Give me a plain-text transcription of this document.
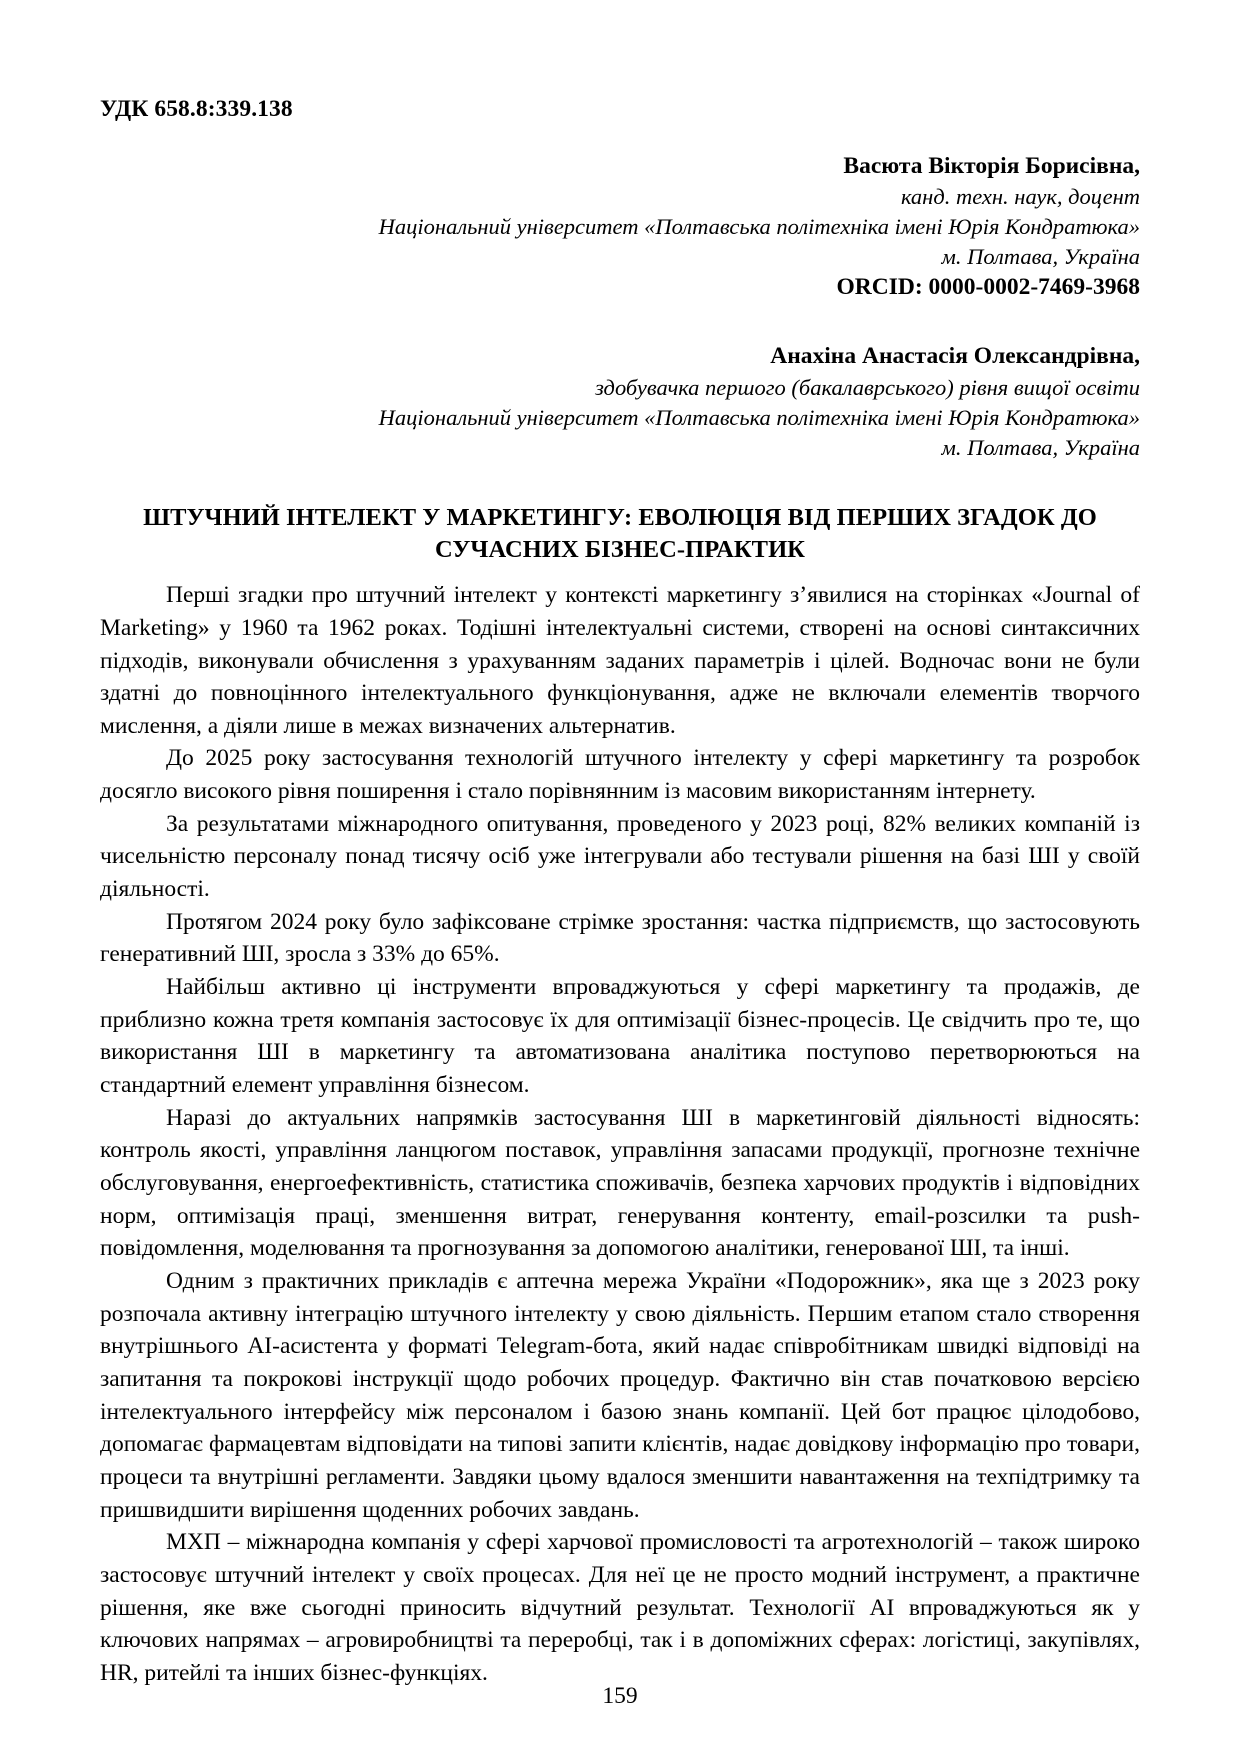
УДК 658.8:339.138
Васюта Вікторія Борисівна,
канд. техн. наук, доцент
Національний університет «Полтавська політехніка імені Юрія Кондратюка»
м. Полтава, Україна
ORCID: 0000-0002-7469-3968
Анахіна Анастасія Олександрівна,
здобувачка першого (бакалаврського) рівня вищої освіти
Національний університет «Полтавська політехніка імені Юрія Кондратюка»
м. Полтава, Україна
ШТУЧНИЙ ІНТЕЛЕКТ У МАРКЕТИНГУ: ЕВОЛЮЦІЯ ВІД ПЕРШИХ ЗГАДОК ДО
СУЧАСНИХ БІЗНЕС-ПРАКТИК

Перші згадки про штучний інтелект у контексті маркетингу з’явилися на сторінках «Journal of Marketing» у 1960 та 1962 роках. Тодішні інтелектуальні системи, створені на основі синтаксичних підходів, виконували обчислення з урахуванням заданих параметрів і цілей. Водночас вони не були здатні до повноцінного інтелектуального функціонування, адже не включали елементів творчого мислення, а діяли лише в межах визначених альтернатив.

До 2025 року застосування технологій штучного інтелекту у сфері маркетингу та розробок досягло високого рівня поширення і стало порівнянним із масовим використанням інтернету.

За результатами міжнародного опитування, проведеного у 2023 році, 82% великих компаній із чисельністю персоналу понад тисячу осіб уже інтегрували або тестували рішення на базі ШІ у своїй діяльності.

Протягом 2024 року було зафіксоване стрімке зростання: частка підприємств, що застосовують генеративний ШІ, зросла з 33% до 65%.

Найбільш активно ці інструменти впроваджуються у сфері маркетингу та продажів, де приблизно кожна третя компанія застосовує їх для оптимізації бізнес-процесів. Це свідчить про те, що використання ШІ в маркетингу та автоматизована аналітика поступово перетворюються на стандартний елемент управління бізнесом.

Наразі до актуальних напрямків застосування ШІ в маркетинговій діяльності відносять: контроль якості, управління ланцюгом поставок, управління запасами продукції, прогнозне технічне обслуговування, енергоефективність, статистика споживачів, безпека харчових продуктів і відповідних норм, оптимізація праці, зменшення витрат, генерування контенту, email-розсилки та push-повідомлення, моделювання та прогнозування за допомогою аналітики, генерованої ШІ, та інші.

Одним з практичних прикладів є аптечна мережа України «Подорожник», яка ще з 2023 року розпочала активну інтеграцію штучного інтелекту у свою діяльність. Першим етапом стало створення внутрішнього AI-асистента у форматі Telegram-бота, який надає співробітникам швидкі відповіді на запитання та покрокові інструкції щодо робочих процедур. Фактично він став початковою версією інтелектуального інтерфейсу між персоналом і базою знань компанії. Цей бот працює цілодобово, допомагає фармацевтам відповідати на типові запити клієнтів, надає довідкову інформацію про товари, процеси та внутрішні регламенти. Завдяки цьому вдалося зменшити навантаження на техпідтримку та пришвидшити вирішення щоденних робочих завдань.

МХП – міжнародна компанія у сфері харчової промисловості та агротехнологій – також широко застосовує штучний інтелект у своїх процесах. Для неї це не просто модний інструмент, а практичне рішення, яке вже сьогодні приносить відчутний результат. Технології AI впроваджуються як у ключових напрямах – агровиробництві та переробці, так і в допоміжних сферах: логістиці, закупівлях, HR, ритейлі та інших бізнес-функціях.

159
